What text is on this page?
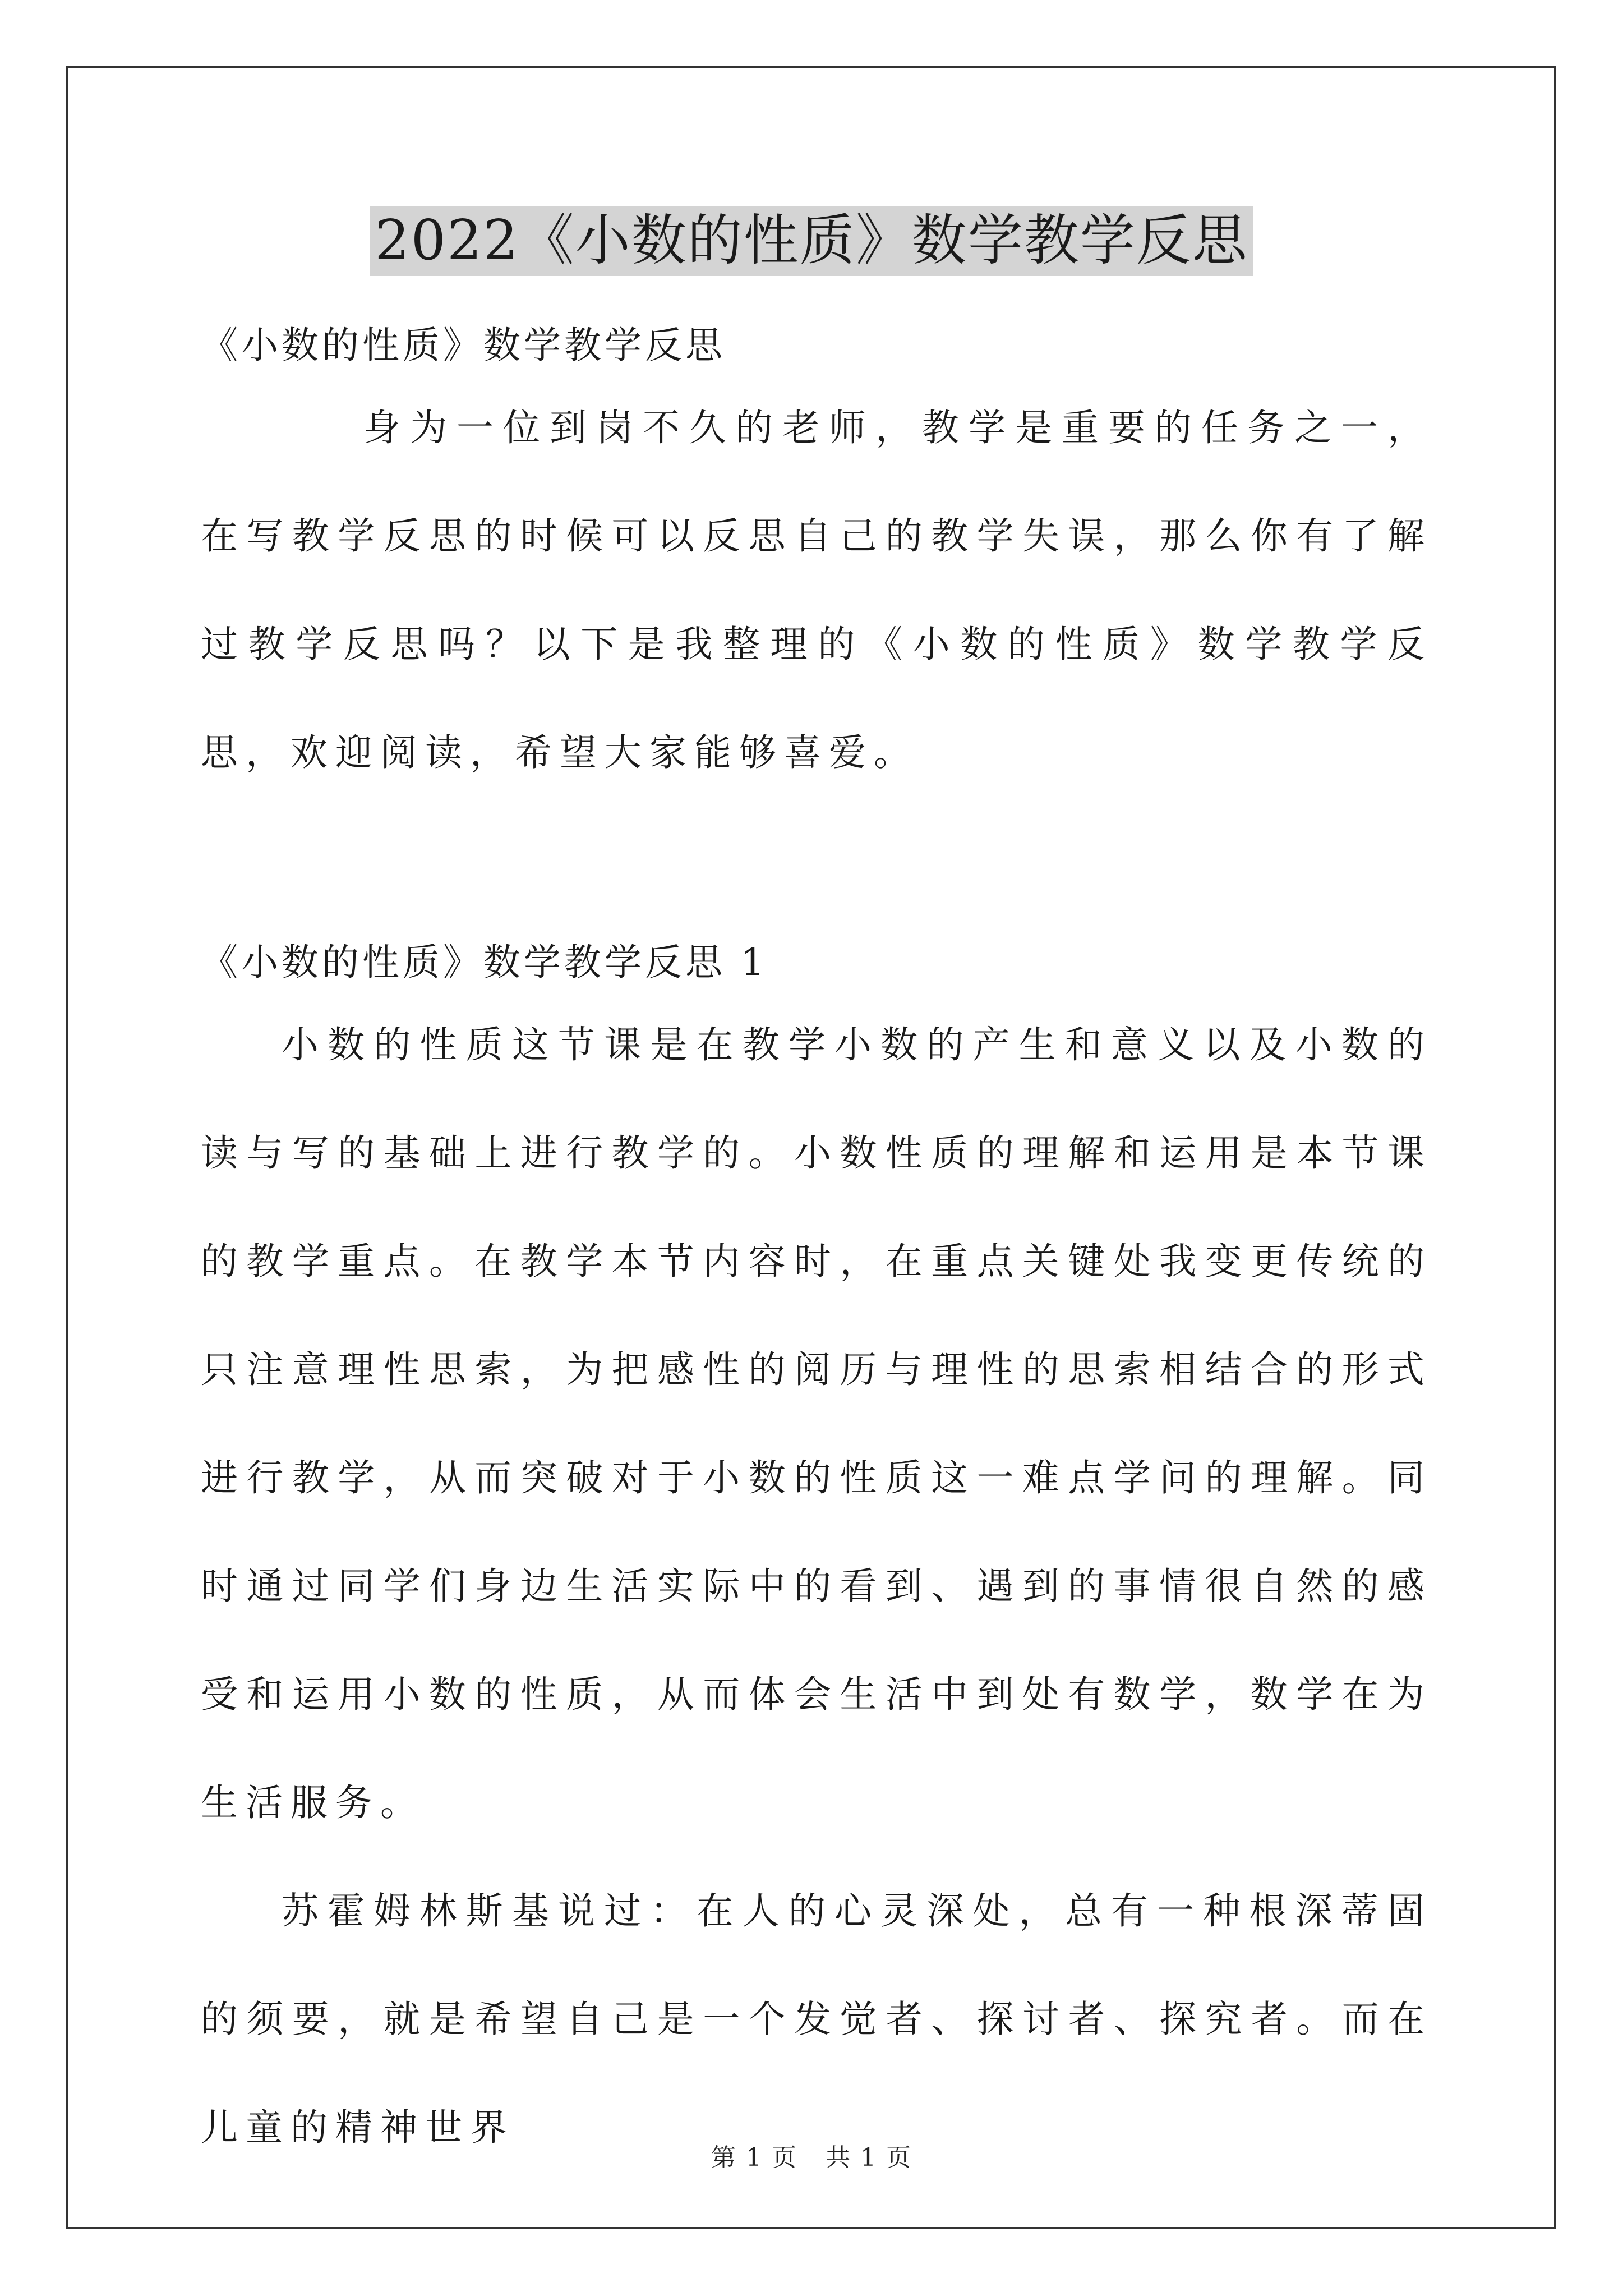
2022《小数的性质》数学教学反思
《小数的性质》数学教学反思

身为一位到岗不久的老师，教学是重要的任务之一，在写教学反思的时候可以反思自己的教学失误，那么你有了解过教学反思吗？以下是我整理的《小数的性质》数学教学反思，欢迎阅读，希望大家能够喜爱。

《小数的性质》数学教学反思 1

小数的性质这节课是在教学小数的产生和意义以及小数的读与写的基础上进行教学的。小数性质的理解和运用是本节课的教学重点。在教学本节内容时，在重点关键处我变更传统的只注意理性思索，为把感性的阅历与理性的思索相结合的形式进行教学，从而突破对于小数的性质这一难点学问的理解。同时通过同学们身边生活实际中的看到、遇到的事情很自然的感受和运用小数的性质，从而体会生活中到处有数学，数学在为生活服务。

苏霍姆林斯基说过：在人的心灵深处，总有一种根深蒂固的须要，就是希望自己是一个发觉者、探讨者、探究者。而在儿童的精神世界

第 1 页 共 1 页
